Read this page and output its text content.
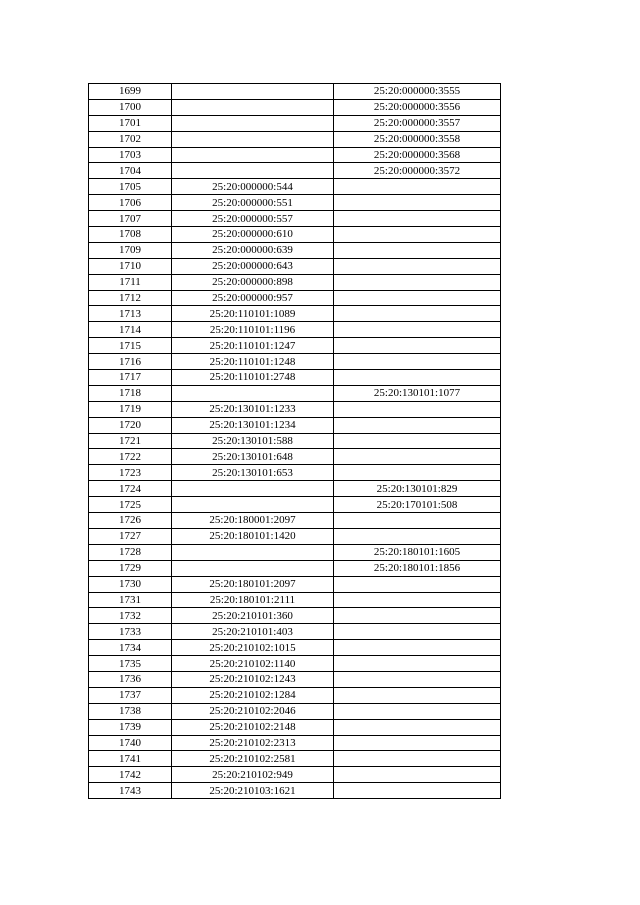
1699		25:20:000000:3555
1700		25:20:000000:3556
1701		25:20:000000:3557
1702		25:20:000000:3558
1703		25:20:000000:3568
1704		25:20:000000:3572
1705	25:20:000000:544	
1706	25:20:000000:551	
1707	25:20:000000:557	
1708	25:20:000000:610	
1709	25:20:000000:639	
1710	25:20:000000:643	
1711	25:20:000000:898	
1712	25:20:000000:957	
1713	25:20:110101:1089	
1714	25:20:110101:1196	
1715	25:20:110101:1247	
1716	25:20:110101:1248	
1717	25:20:110101:2748	
1718		25:20:130101:1077
1719	25:20:130101:1233	
1720	25:20:130101:1234	
1721	25:20:130101:588	
1722	25:20:130101:648	
1723	25:20:130101:653	
1724		25:20:130101:829
1725		25:20:170101:508
1726	25:20:180001:2097	
1727	25:20:180101:1420	
1728		25:20:180101:1605
1729		25:20:180101:1856
1730	25:20:180101:2097	
1731	25:20:180101:2111	
1732	25:20:210101:360	
1733	25:20:210101:403	
1734	25:20:210102:1015	
1735	25:20:210102:1140	
1736	25:20:210102:1243	
1737	25:20:210102:1284	
1738	25:20:210102:2046	
1739	25:20:210102:2148	
1740	25:20:210102:2313	
1741	25:20:210102:2581	
1742	25:20:210102:949	
1743	25:20:210103:1621	
